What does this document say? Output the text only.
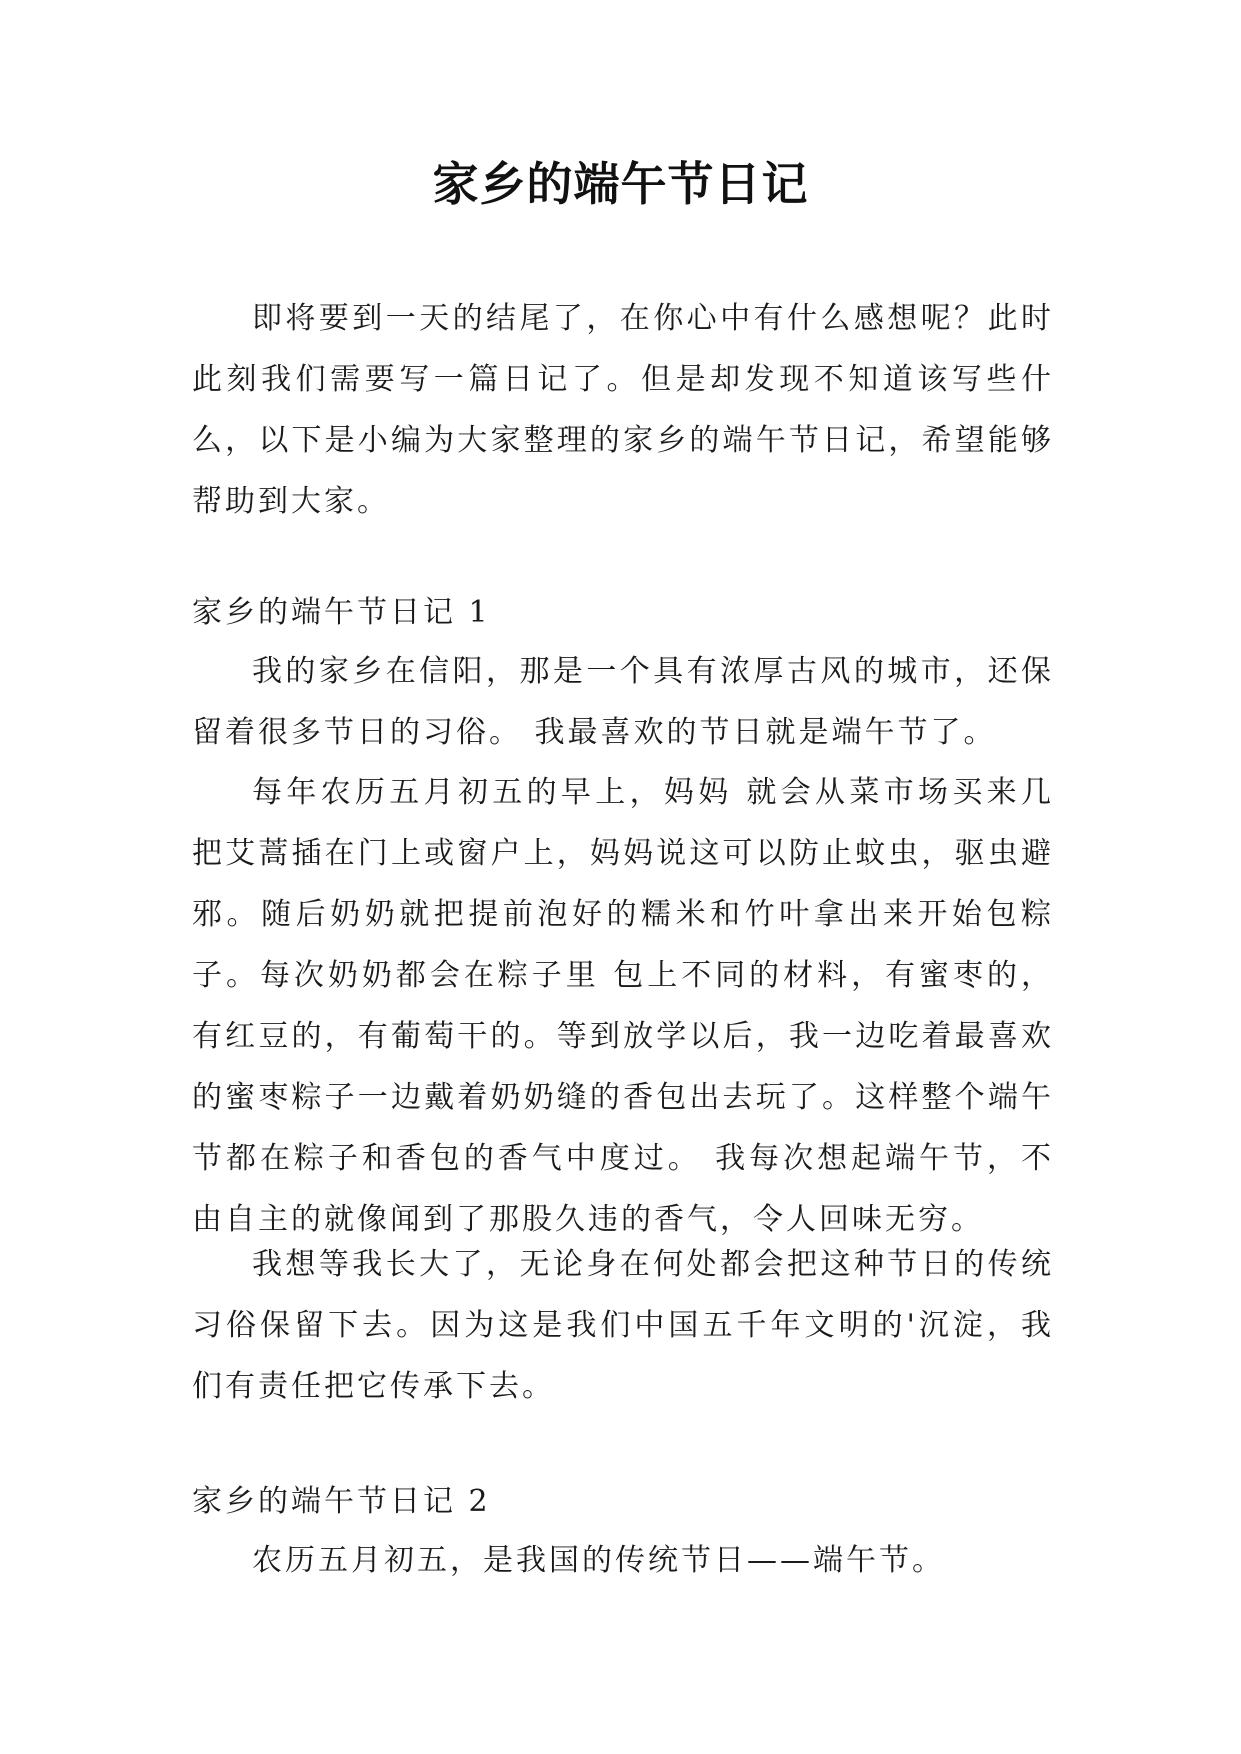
家乡的端午节日记

即将要到一天的结尾了，在你心中有什么感想呢？此时此刻我们需要写一篇日记了。但是却发现不知道该写些什么，以下是小编为大家整理的家乡的端午节日记，希望能够帮助到大家。

家乡的端午节日记 1

我的家乡在信阳，那是一个具有浓厚古风的城市，还保留着很多节日的习俗。 我最喜欢的节日就是端午节了。

每年农历五月初五的早上，妈妈 就会从菜市场买来几把艾蒿插在门上或窗户上，妈妈说这可以防止蚊虫，驱虫避邪。随后奶奶就把提前泡好的糯米和竹叶拿出来开始包粽子。每次奶奶都会在粽子里 包上不同的材料，有蜜枣的，有红豆的，有葡萄干的。等到放学以后，我一边吃着最喜欢的蜜枣粽子一边戴着奶奶缝的香包出去玩了。这样整个端午节都在粽子和香包的香气中度过。 我每次想起端午节，不由自主的就像闻到了那股久违的香气，令人回味无穷。

我想等我长大了，无论身在何处都会把这种节日的传统习俗保留下去。因为这是我们中国五千年文明的'沉淀，我们有责任把它传承下去。

家乡的端午节日记 2

农历五月初五，是我国的传统节日——端午节。
